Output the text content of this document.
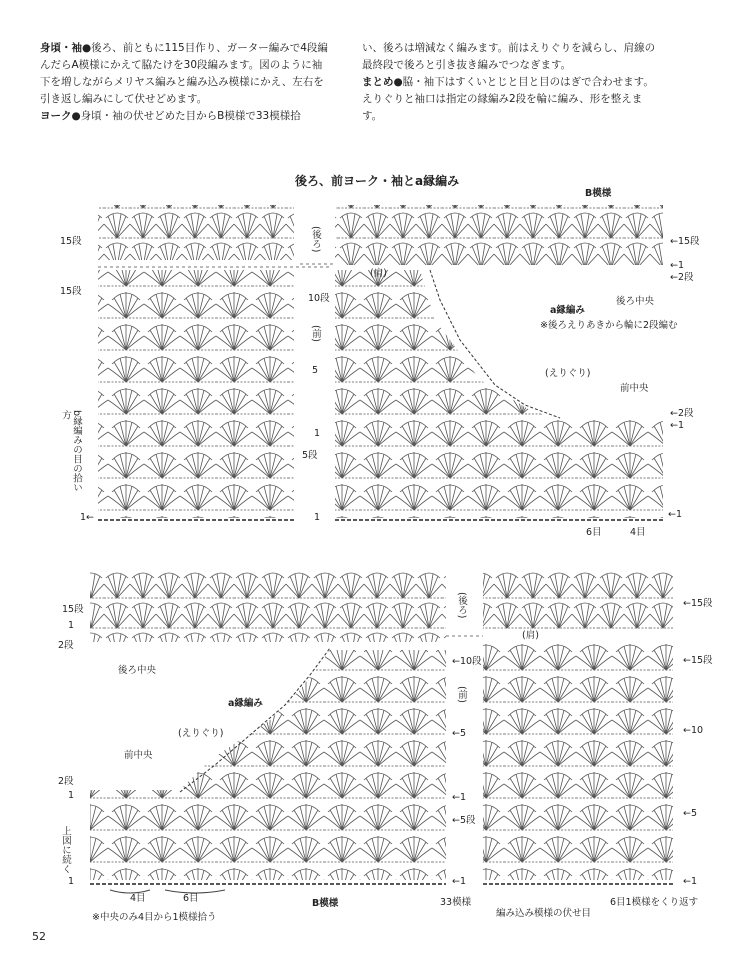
身頃・袖●後ろ、前ともに115目作り、ガーター編みで4段編んだらA模様にかえて脇たけを30段編みます。図のように袖下を増しながらメリヤス編みと編み込み模様にかえ、左右を引き返し編みにして伏せどめます。

ヨーク●身頃・袖の伏せどめた目からB模様で33模様拾

い、後ろは増減なく編みます。前はえりぐりを減らし、肩線の最終段で後ろと引き抜き編みでつなぎます。

まとめ●脇・袖下はすくいとじと目と目のはぎで合わせます。えりぐりと袖口は指定の縁編み2段を輪に編み、形を整えます。

後ろ、前ヨーク・袖とa縁編み
B模様
15段
15段
(後ろ)
(前)
(肩)
←15段
←1
←2段
a縁編み
後ろ中央
※後ろえりあきから輪に2段編む
10段
5	(えりぐり)
前中央
←2段
←1
1
5段
b縁編みの目の拾い方
1←	1	←1
6目	4目
15段
1
2段
後ろ中央
a縁編み
(えりぐり)
前中央
2段
1
(後ろ)
(肩)
←10段
(前)
←5
←5段
←1
←15段
←15段
←10
←5
←1
←1
上図に続く
1
4目	6目	B模様	33模様
編み込み模様の伏せ目
6目1模様をくり返す
※中央のみ4目から1模様拾う
52
